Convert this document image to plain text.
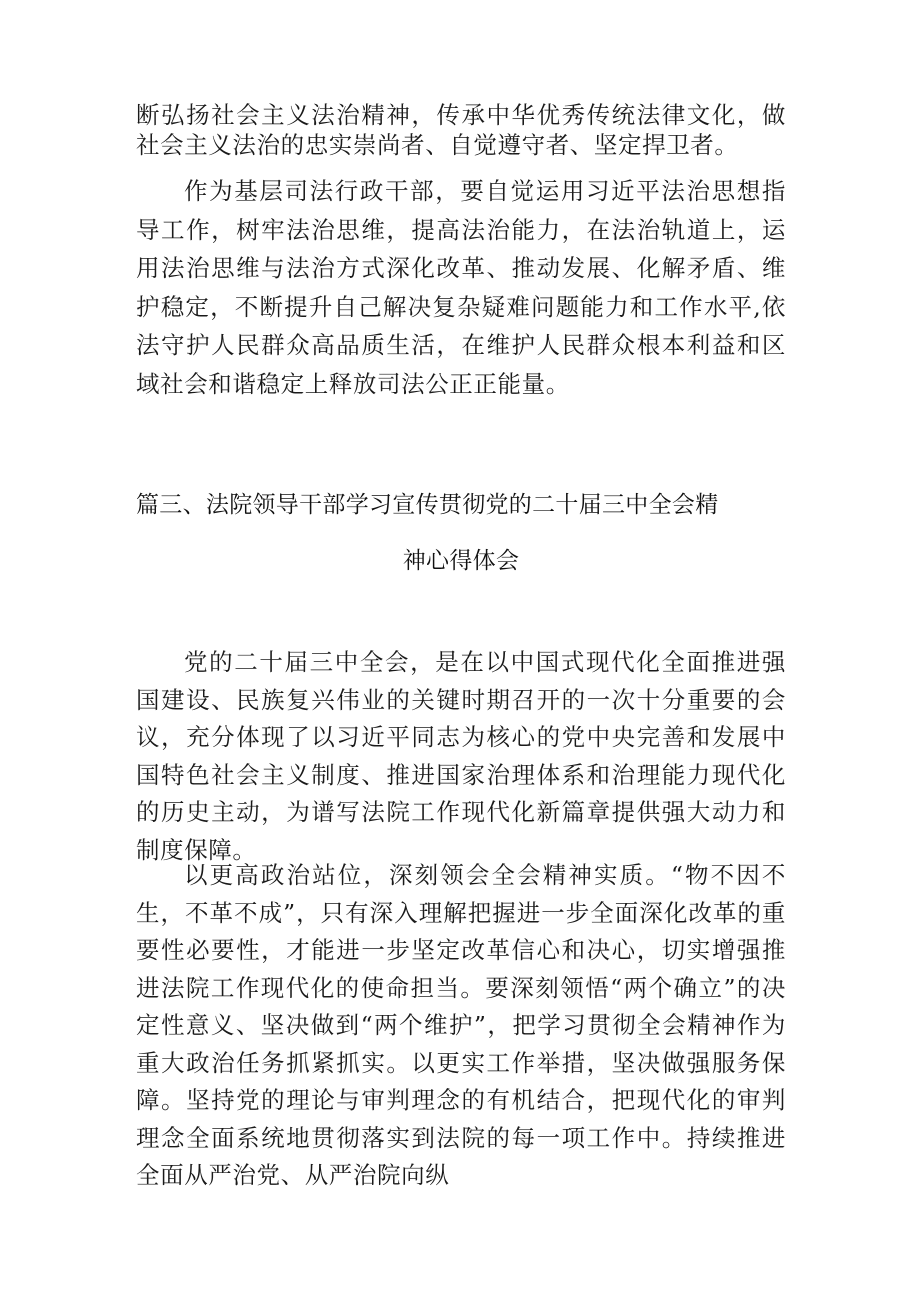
断弘扬社会主义法治精神，传承中华优秀传统法律文化，做社会主义法治的忠实崇尚者、自觉遵守者、坚定捍卫者。

作为基层司法行政干部，要自觉运用习近平法治思想指导工作，树牢法治思维，提高法治能力，在法治轨道上，运用法治思维与法治方式深化改革、推动发展、化解矛盾、维护稳定，不断提升自己解决复杂疑难问题能力和工作水平,依法守护人民群众高品质生活，在维护人民群众根本利益和区域社会和谐稳定上释放司法公正正能量。

篇三、法院领导干部学习宣传贯彻党的二十届三中全会精
神心得体会

党的二十届三中全会，是在以中国式现代化全面推进强国建设、民族复兴伟业的关键时期召开的一次十分重要的会议，充分体现了以习近平同志为核心的党中央完善和发展中国特色社会主义制度、推进国家治理体系和治理能力现代化的历史主动，为谱写法院工作现代化新篇章提供强大动力和制度保障。

以更高政治站位，深刻领会全会精神实质。“物不因不生，不革不成”，只有深入理解把握进一步全面深化改革的重要性必要性，才能进一步坚定改革信心和决心，切实增强推进法院工作现代化的使命担当。要深刻领悟“两个确立”的决定性意义、坚决做到“两个维护”，把学习贯彻全会精神作为重大政治任务抓紧抓实。以更实工作举措，坚决做强服务保障。坚持党的理论与审判理念的有机结合，把现代化的审判理念全面系统地贯彻落实到法院的每一项工作中。持续推进全面从严治党、从严治院向纵
